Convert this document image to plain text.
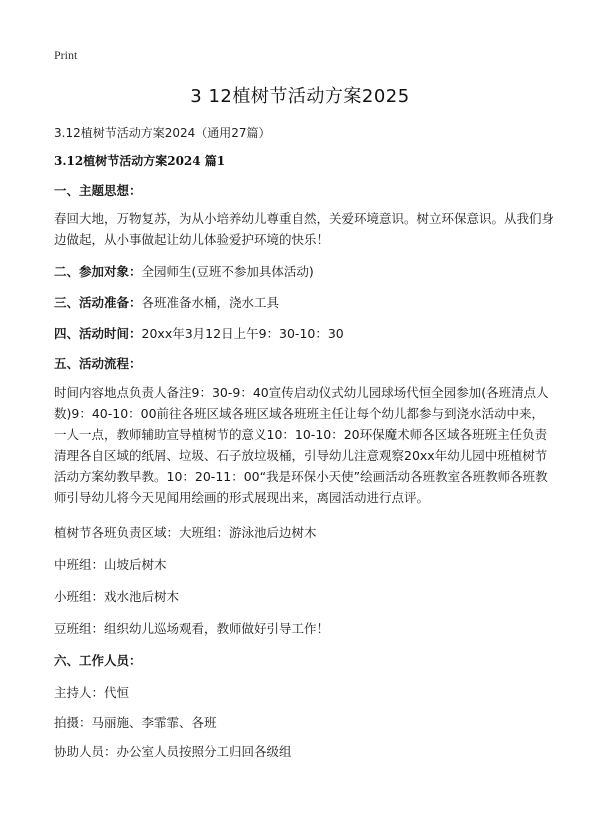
Print
3 12植树节活动方案2025
3.12植树节活动方案2024（通用27篇）
3.12植树节活动方案2024 篇1

一、主题思想：

春回大地，万物复苏，为从小培养幼儿尊重自然，关爱环境意识。树立环保意识。从我们身边做起，从小事做起让幼儿体验爱护环境的快乐！

二、参加对象：全园师生(豆班不参加具体活动)

三、活动准备：各班准备水桶，浇水工具

四、活动时间：20xx年3月12日上午9：30-10：30

五、活动流程：

时间内容地点负责人备注9：30-9：40宣传启动仪式幼儿园球场代恒全园参加(各班清点人数)9：40-10：00前往各班区域各班区域各班班主任让每个幼儿都参与到浇水活动中来，一人一点，教师辅助宣导植树节的意义10：10-10：20环保魔术师各区域各班班主任负责清理各自区域的纸屑、垃圾、石子放垃圾桶，引导幼儿注意观察20xx年幼儿园中班植树节活动方案幼教早教。10：20-11：00“我是环保小天使”绘画活动各班教室各班教师各班教师引导幼儿将今天见闻用绘画的形式展现出来，离园活动进行点评。

植树节各班负责区域：大班组：游泳池后边树木

中班组：山坡后树木

小班组：戏水池后树木

豆班组：组织幼儿巡场观看，教师做好引导工作！

六、工作人员：

主持人：代恒

拍摄：马丽施、李霏霏、各班

协助人员：办公室人员按照分工归回各级组
